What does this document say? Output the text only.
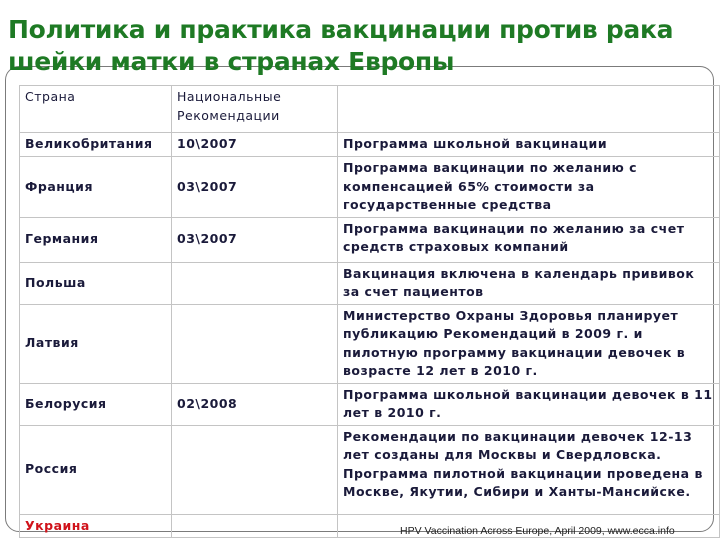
Политика и практика вакцинации против рака
шейки матки в странах Европы
Страна	Национальные Рекомендации	
Великобритания	10\2007	Программа школьной вакцинации
Франция	03\2007	Программа вакцинации по желанию с компенсацией 65% стоимости за государственные средства
Германия	03\2007	Программа вакцинации по желанию за счет средств страховых компаний
Польша		Вакцинация включена в календарь прививок за счет пациентов
Латвия		Министерство Охраны Здоровья планирует публикацию Рекомендаций в 2009 г. и пилотную программу вакцинации девочек в возрасте 12 лет в 2010 г.
Белорусия	02\2008	Программа школьной вакцинации девочек в 11 лет в 2010 г.
Россия		Рекомендации по вакцинации девочек 12-13 лет созданы для Москвы и Свердловска. Программа пилотной вакцинации проведена в Москве, Якутии, Сибири и Ханты-Мансийске.
Украина			HPV Vaccination Across Europe, April 2009, www.ecca.info
